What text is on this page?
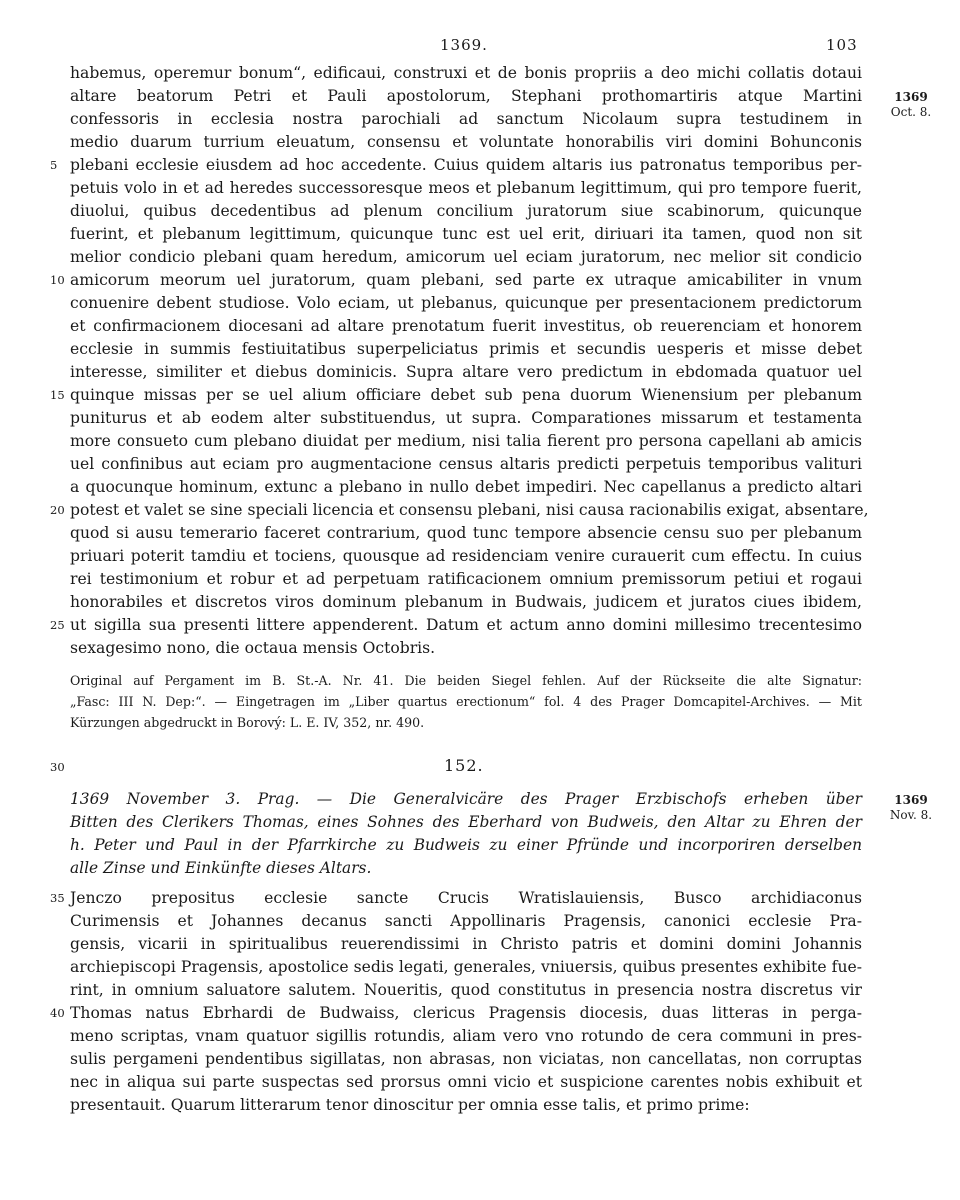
1369.	103
1369
Oct. 8.
habemus, operemur bonum“, edificaui, construxi et de bonis propriis a deo michi collatis dotaui
altare beatorum Petri et Pauli apostolorum, Stephani prothomartiris atque Martini
confessoris in ecclesia nostra parochiali ad sanctum Nicolaum supra testudinem in
medio duarum turrium eleuatum, consensu et voluntate honorabilis viri domini Bohunconis
5 plebani ecclesie eiusdem ad hoc accedente. Cuius quidem altaris ius patronatus temporibus per-
petuis volo in et ad heredes successoresque meos et plebanum legittimum, qui pro tempore fuerit,
diuolui, quibus decedentibus ad plenum concilium juratorum siue scabinorum, quicunque
fuerint, et plebanum legittimum, quicunque tunc est uel erit, diriuari ita tamen, quod non sit
melior condicio plebani quam heredum, amicorum uel eciam juratorum, nec melior sit condicio
10 amicorum meorum uel juratorum, quam plebani, sed parte ex utraque amicabiliter in vnum
conuenire debent studiose. Volo eciam, ut plebanus, quicunque per presentacionem predictorum
et confirmacionem diocesani ad altare prenotatum fuerit investitus, ob reuerenciam et honorem
ecclesie in summis festiuitatibus superpeliciatus primis et secundis uesperis et misse debet
interesse, similiter et diebus dominicis. Supra altare vero predictum in ebdomada quatuor uel
15 quinque missas per se uel alium officiare debet sub pena duorum Wienensium per plebanum
puniturus et ab eodem alter substituendus, ut supra. Comparationes missarum et testamenta
more consueto cum plebano diuidat per medium, nisi talia fierent pro persona capellani ab amicis
uel confinibus aut eciam pro augmentacione census altaris predicti perpetuis temporibus valituri
a quocunque hominum, extunc a plebano in nullo debet impediri. Nec capellanus a predicto altari
20 potest et valet se sine speciali licencia et consensu plebani, nisi causa racionabilis exigat, absentare,
quod si ausu temerario faceret contrarium, quod tunc tempore absencie censu suo per plebanum
priuari poterit tamdiu et tociens, quousque ad residenciam venire curauerit cum effectu. In cuius
rei testimonium et robur et ad perpetuam ratificacionem omnium premissorum petiui et rogaui
honorabiles et discretos viros dominum plebanum in Budwais, judicem et juratos ciues ibidem,
25 ut sigilla sua presenti littere appenderent. Datum et actum anno domini millesimo trecentesimo
sexagesimo nono, die octaua mensis Octobris.
Original auf Pergament im B. St.-A. Nr. 41. Die beiden Siegel fehlen. Auf der Rückseite die alte Signatur:
„Fasc: III N. Dep:“. — Eingetragen im „Liber quartus erectionum“ fol. 4 des Prager Domcapitel-Archives. — Mit
Kürzungen abgedruckt in Borový: L. E. IV, 352, nr. 490.
30	152.
1369
Nov. 8.
1369 November 3. Prag. — Die Generalvicäre des Prager Erzbischofs erheben über
Bitten des Clerikers Thomas, eines Sohnes des Eberhard von Budweis, den Altar zu Ehren der
h. Peter und Paul in der Pfarrkirche zu Budweis zu einer Pfründe und incorporiren derselben
alle Zinse und Einkünfte dieses Altars.
35 Jenczo prepositus ecclesie sancte Crucis Wratislauiensis, Busco archidiaconus
Curimensis et Johannes decanus sancti Appollinaris Pragensis, canonici ecclesie Pra-
gensis, vicarii in spiritualibus reuerendissimi in Christo patris et domini domini Johannis
archiepiscopi Pragensis, apostolice sedis legati, generales, vniuersis, quibus presentes exhibite fue-
rint, in omnium saluatore salutem. Noueritis, quod constitutus in presencia nostra discretus vir
40 Thomas natus Ebrhardi de Budwaiss, clericus Pragensis diocesis, duas litteras in perga-
meno scriptas, vnam quatuor sigillis rotundis, aliam vero vno rotundo de cera communi in pres-
sulis pergameni pendentibus sigillatas, non abrasas, non viciatas, non cancellatas, non corruptas
nec in aliqua sui parte suspectas sed prorsus omni vicio et suspicione carentes nobis exhibuit et
presentauit. Quarum litterarum tenor dinoscitur per omnia esse talis, et primo prime:
